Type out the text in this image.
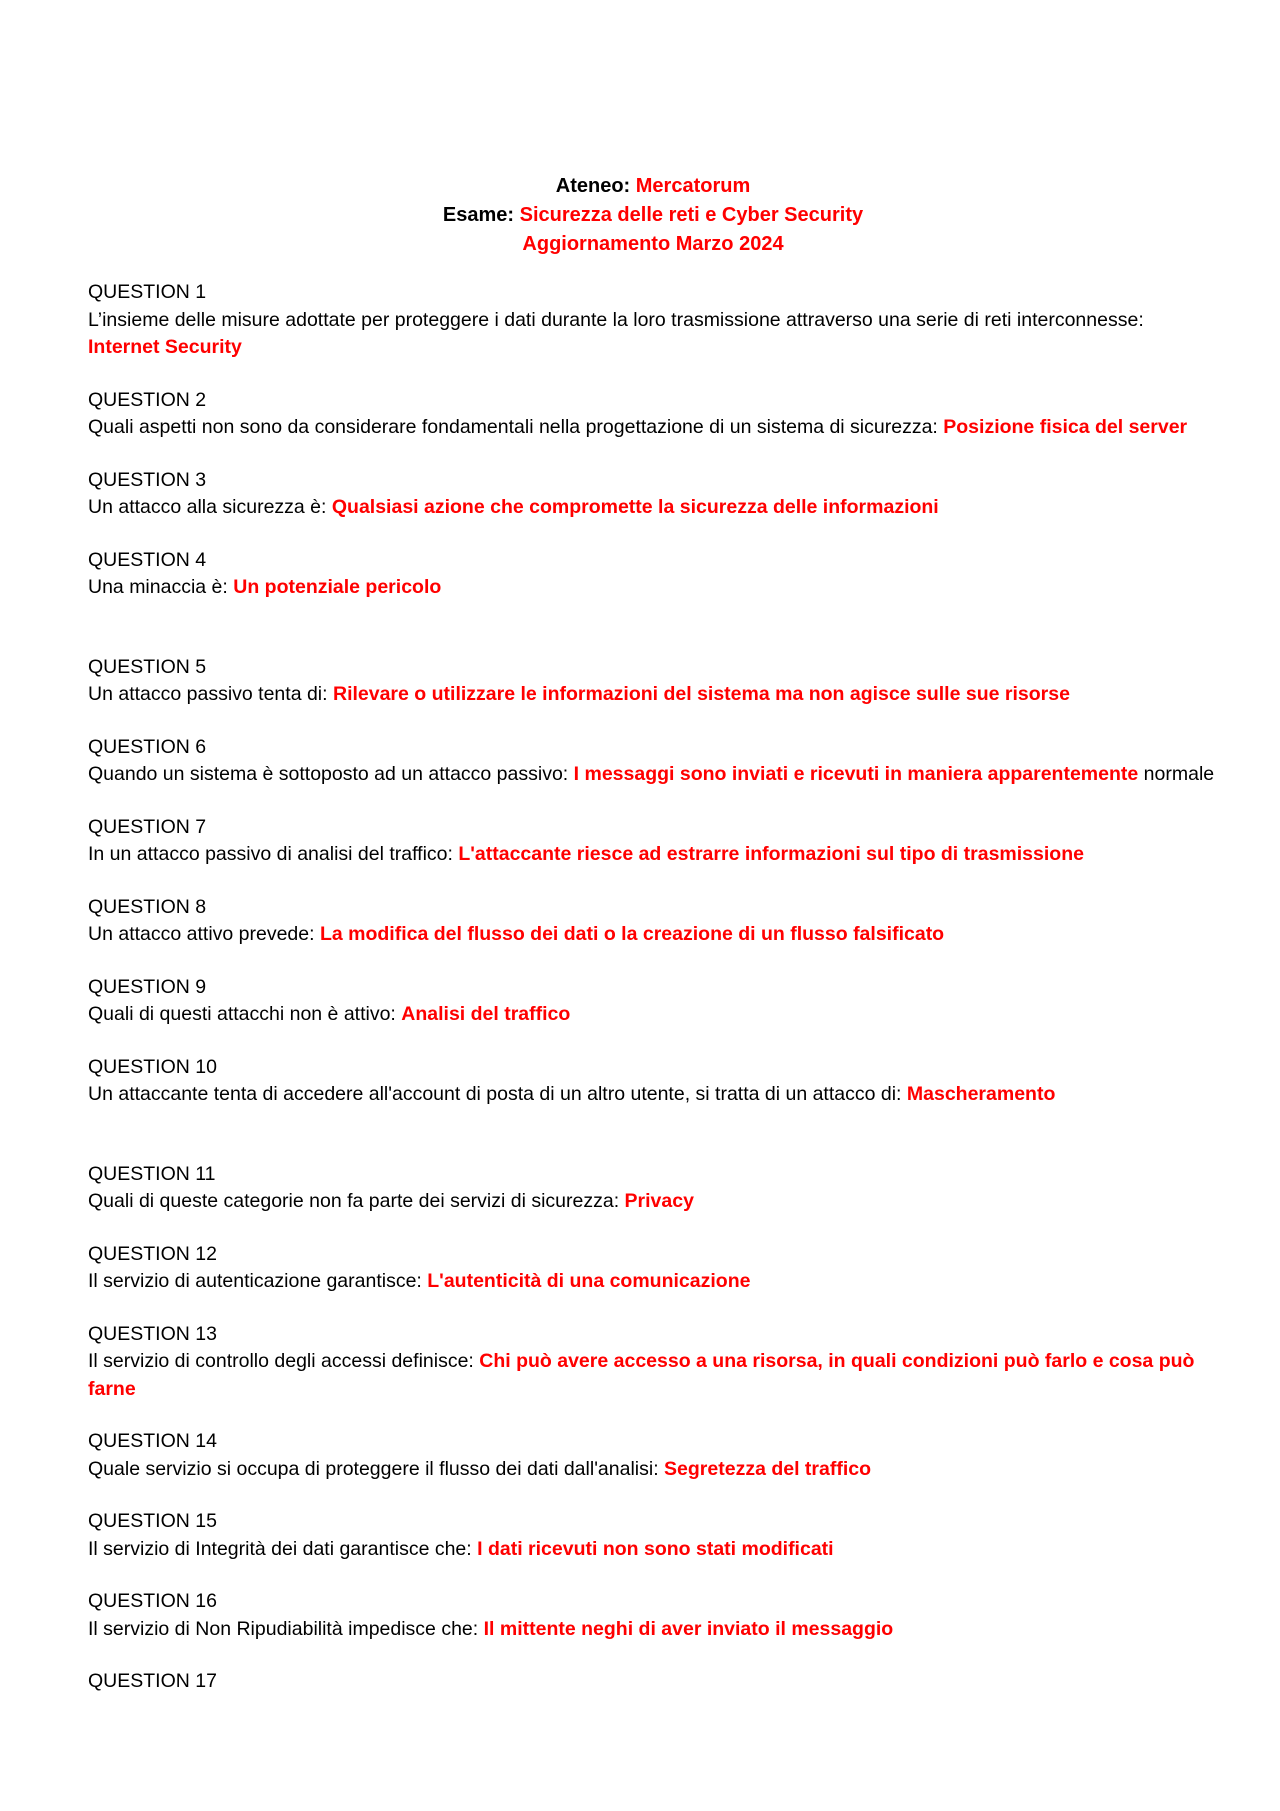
Ateneo: Mercatorum
Esame: Sicurezza delle reti e Cyber Security
Aggiornamento Marzo 2024
QUESTION 1
L’insieme delle misure adottate per proteggere i dati durante la loro trasmissione attraverso una serie di reti interconnesse: Internet Security
QUESTION 2
Quali aspetti non sono da considerare fondamentali nella progettazione di un sistema di sicurezza: Posizione fisica del server
QUESTION 3
Un attacco alla sicurezza è: Qualsiasi azione che compromette la sicurezza delle informazioni
QUESTION 4
Una minaccia è: Un potenziale pericolo
QUESTION 5
Un attacco passivo tenta di: Rilevare o utilizzare le informazioni del sistema ma non agisce sulle sue risorse
QUESTION 6
Quando un sistema è sottoposto ad un attacco passivo: I messaggi sono inviati e ricevuti in maniera apparentemente normale
QUESTION 7
In un attacco passivo di analisi del traffico: L'attaccante riesce ad estrarre informazioni sul tipo di trasmissione
QUESTION 8
Un attacco attivo prevede: La modifica del flusso dei dati o la creazione di un flusso falsificato
QUESTION 9
Quali di questi attacchi non è attivo: Analisi del traffico
QUESTION 10
Un attaccante tenta di accedere all'account di posta di un altro utente, si tratta di un attacco di: Mascheramento
QUESTION 11
Quali di queste categorie non fa parte dei servizi di sicurezza: Privacy
QUESTION 12
Il servizio di autenticazione garantisce: L'autenticità di una comunicazione
QUESTION 13
Il servizio di controllo degli accessi definisce: Chi può avere accesso a una risorsa, in quali condizioni può farlo e cosa può farne
QUESTION 14
Quale servizio si occupa di proteggere il flusso dei dati dall'analisi: Segretezza del traffico
QUESTION 15
Il servizio di Integrità dei dati garantisce che: I dati ricevuti non sono stati modificati
QUESTION 16
Il servizio di Non Ripudiabilità impedisce che: Il mittente neghi di aver inviato il messaggio
QUESTION 17
